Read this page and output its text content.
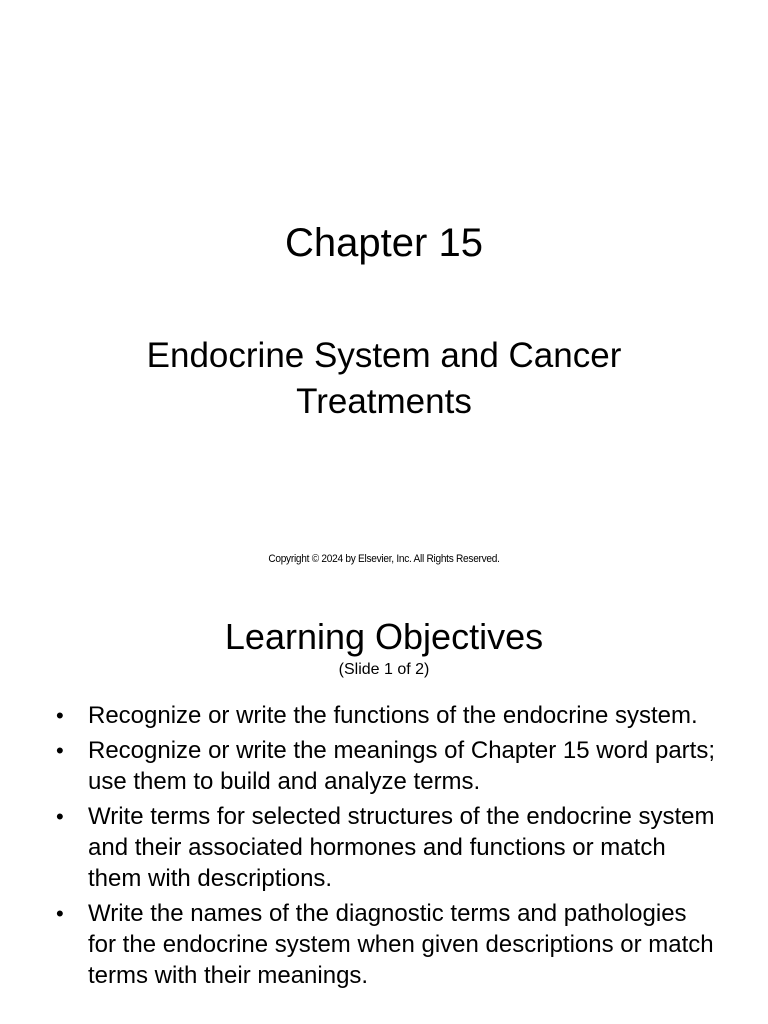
Chapter 15
Endocrine System and Cancer Treatments
Copyright © 2024 by Elsevier, Inc. All Rights Reserved.
Learning Objectives
(Slide 1 of 2)
•	Recognize or write the functions of the endocrine system.
•	Recognize or write the meanings of Chapter 15 word parts; use them to build and analyze terms.
•	Write terms for selected structures of the endocrine system and their associated hormones and functions or match them with descriptions.
•	Write the names of the diagnostic terms and pathologies for the endocrine system when given descriptions or match terms with their meanings.
